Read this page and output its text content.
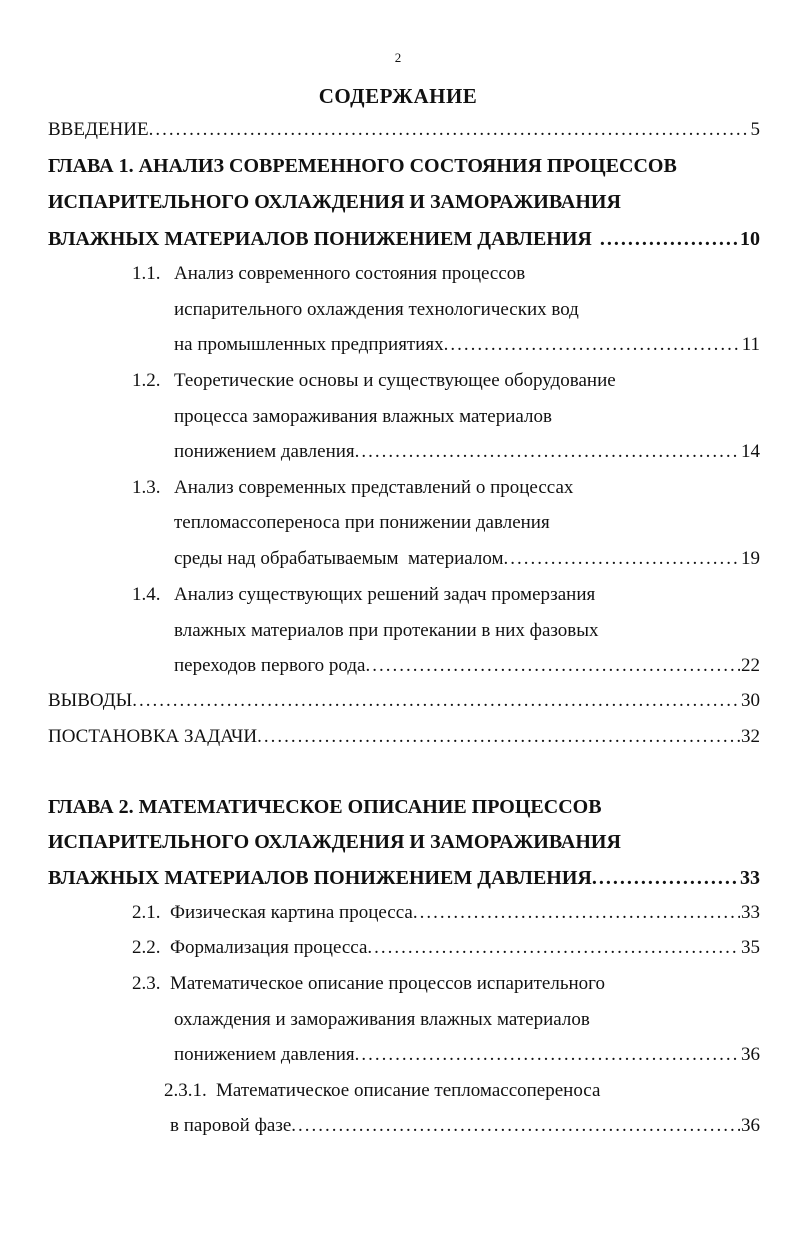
2
СОДЕРЖАНИЕ
ВВЕДЕНИЕ .....	5
ГЛАВА 1. АНАЛИЗ СОВРЕМЕННОГО СОСТОЯНИЯ ПРОЦЕССОВ
ИСПАРИТЕЛЬНОГО ОХЛАЖДЕНИЯ И ЗАМОРАЖИВАНИЯ
ВЛАЖНЫХ МАТЕРИАЛОВ ПОНИЖЕНИЕМ ДАВЛЕНИЯ .....	10
1.1. Анализ современного состояния процессов
испарительного охлаждения технологических вод
на промышленных предприятиях .....	11
1.2. Теоретические основы и существующее оборудование
процесса замораживания влажных материалов
понижением давления .....	14
1.3. Анализ современных представлений о процессах
тепломассопереноса при понижении давления
среды над обрабатываемым  материалом .....	19
1.4. Анализ существующих решений задач промерзания
влажных материалов при протекании в них фазовых
переходов первого рода .....	22
ВЫВОДЫ .....	30
ПОСТАНОВКА ЗАДАЧИ .....	32
ГЛАВА 2. МАТЕМАТИЧЕСКОЕ ОПИСАНИЕ ПРОЦЕССОВ
ИСПАРИТЕЛЬНОГО ОХЛАЖДЕНИЯ И ЗАМОРАЖИВАНИЯ
ВЛАЖНЫХ МАТЕРИАЛОВ ПОНИЖЕНИЕМ ДАВЛЕНИЯ .....	33
2.1. Физическая картина процесса .....	33
2.2. Формализация процесса .....	35
2.3. Математическое описание процессов испарительного
охлаждения и замораживания влажных материалов
понижением давления .....	36
2.3.1. Математическое описание тепломассопереноса
в паровой фазе .....	36
